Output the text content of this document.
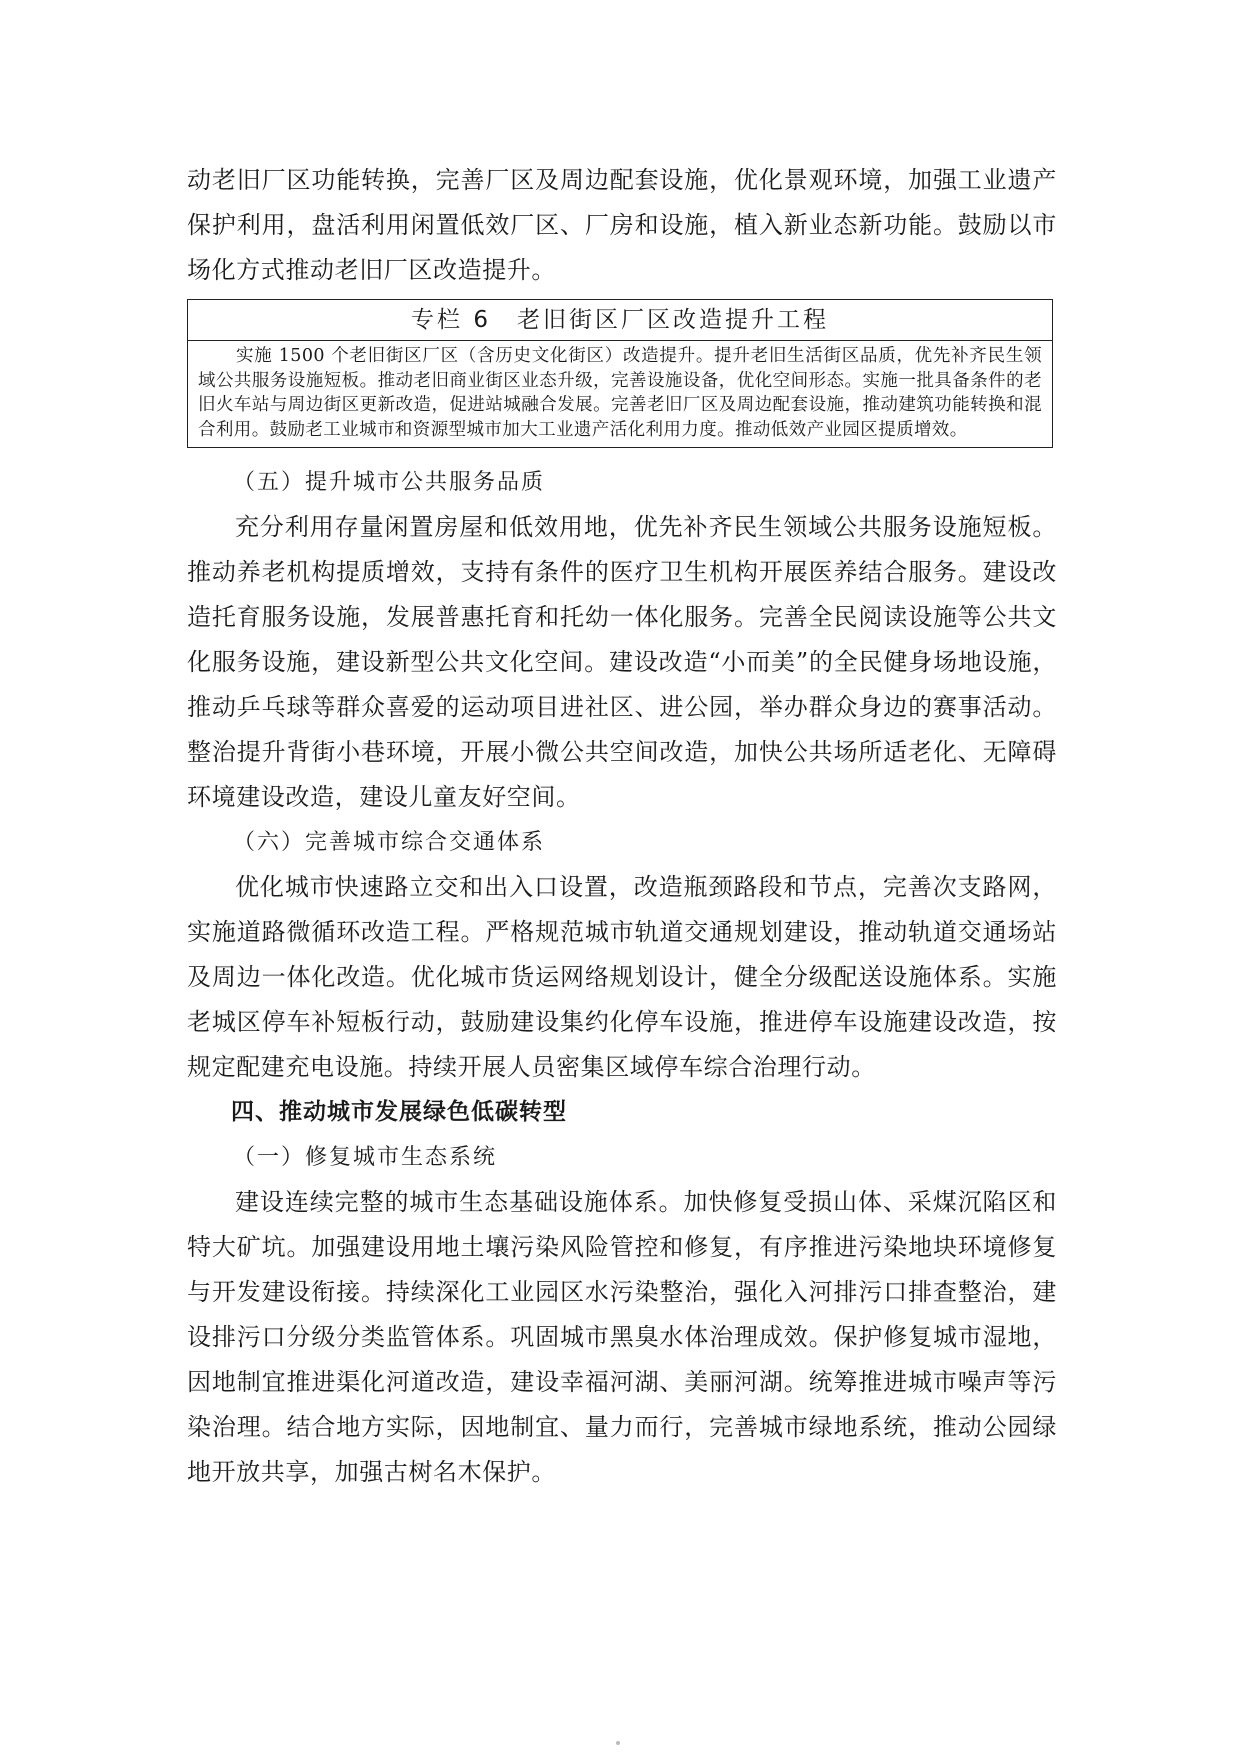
动老旧厂区功能转换，完善厂区及周边配套设施，优化景观环境，加强工业遗产保护利用，盘活利用闲置低效厂区、厂房和设施，植入新业态新功能。鼓励以市场化方式推动老旧厂区改造提升。

专栏 6　老旧街区厂区改造提升工程
实施 1500 个老旧街区厂区（含历史文化街区）改造提升。提升老旧生活街区品质，优先补齐民生领域公共服务设施短板。推动老旧商业街区业态升级，完善设施设备，优化空间形态。实施一批具备条件的老旧火车站与周边街区更新改造，促进站城融合发展。完善老旧厂区及周边配套设施，推动建筑功能转换和混合利用。鼓励老工业城市和资源型城市加大工业遗产活化利用力度。推动低效产业园区提质增效。

（五）提升城市公共服务品质

充分利用存量闲置房屋和低效用地，优先补齐民生领域公共服务设施短板。推动养老机构提质增效，支持有条件的医疗卫生机构开展医养结合服务。建设改造托育服务设施，发展普惠托育和托幼一体化服务。完善全民阅读设施等公共文化服务设施，建设新型公共文化空间。建设改造“小而美”的全民健身场地设施，推动乒乓球等群众喜爱的运动项目进社区、进公园，举办群众身边的赛事活动。整治提升背街小巷环境，开展小微公共空间改造，加快公共场所适老化、无障碍环境建设改造，建设儿童友好空间。

（六）完善城市综合交通体系

优化城市快速路立交和出入口设置，改造瓶颈路段和节点，完善次支路网，实施道路微循环改造工程。严格规范城市轨道交通规划建设，推动轨道交通场站及周边一体化改造。优化城市货运网络规划设计，健全分级配送设施体系。实施老城区停车补短板行动，鼓励建设集约化停车设施，推进停车设施建设改造，按规定配建充电设施。持续开展人员密集区域停车综合治理行动。

四、推动城市发展绿色低碳转型

（一）修复城市生态系统

建设连续完整的城市生态基础设施体系。加快修复受损山体、采煤沉陷区和特大矿坑。加强建设用地土壤污染风险管控和修复，有序推进污染地块环境修复与开发建设衔接。持续深化工业园区水污染整治，强化入河排污口排查整治，建设排污口分级分类监管体系。巩固城市黑臭水体治理成效。保护修复城市湿地，因地制宜推进渠化河道改造，建设幸福河湖、美丽河湖。统筹推进城市噪声等污染治理。结合地方实际，因地制宜、量力而行，完善城市绿地系统，推动公园绿地开放共享，加强古树名木保护。
